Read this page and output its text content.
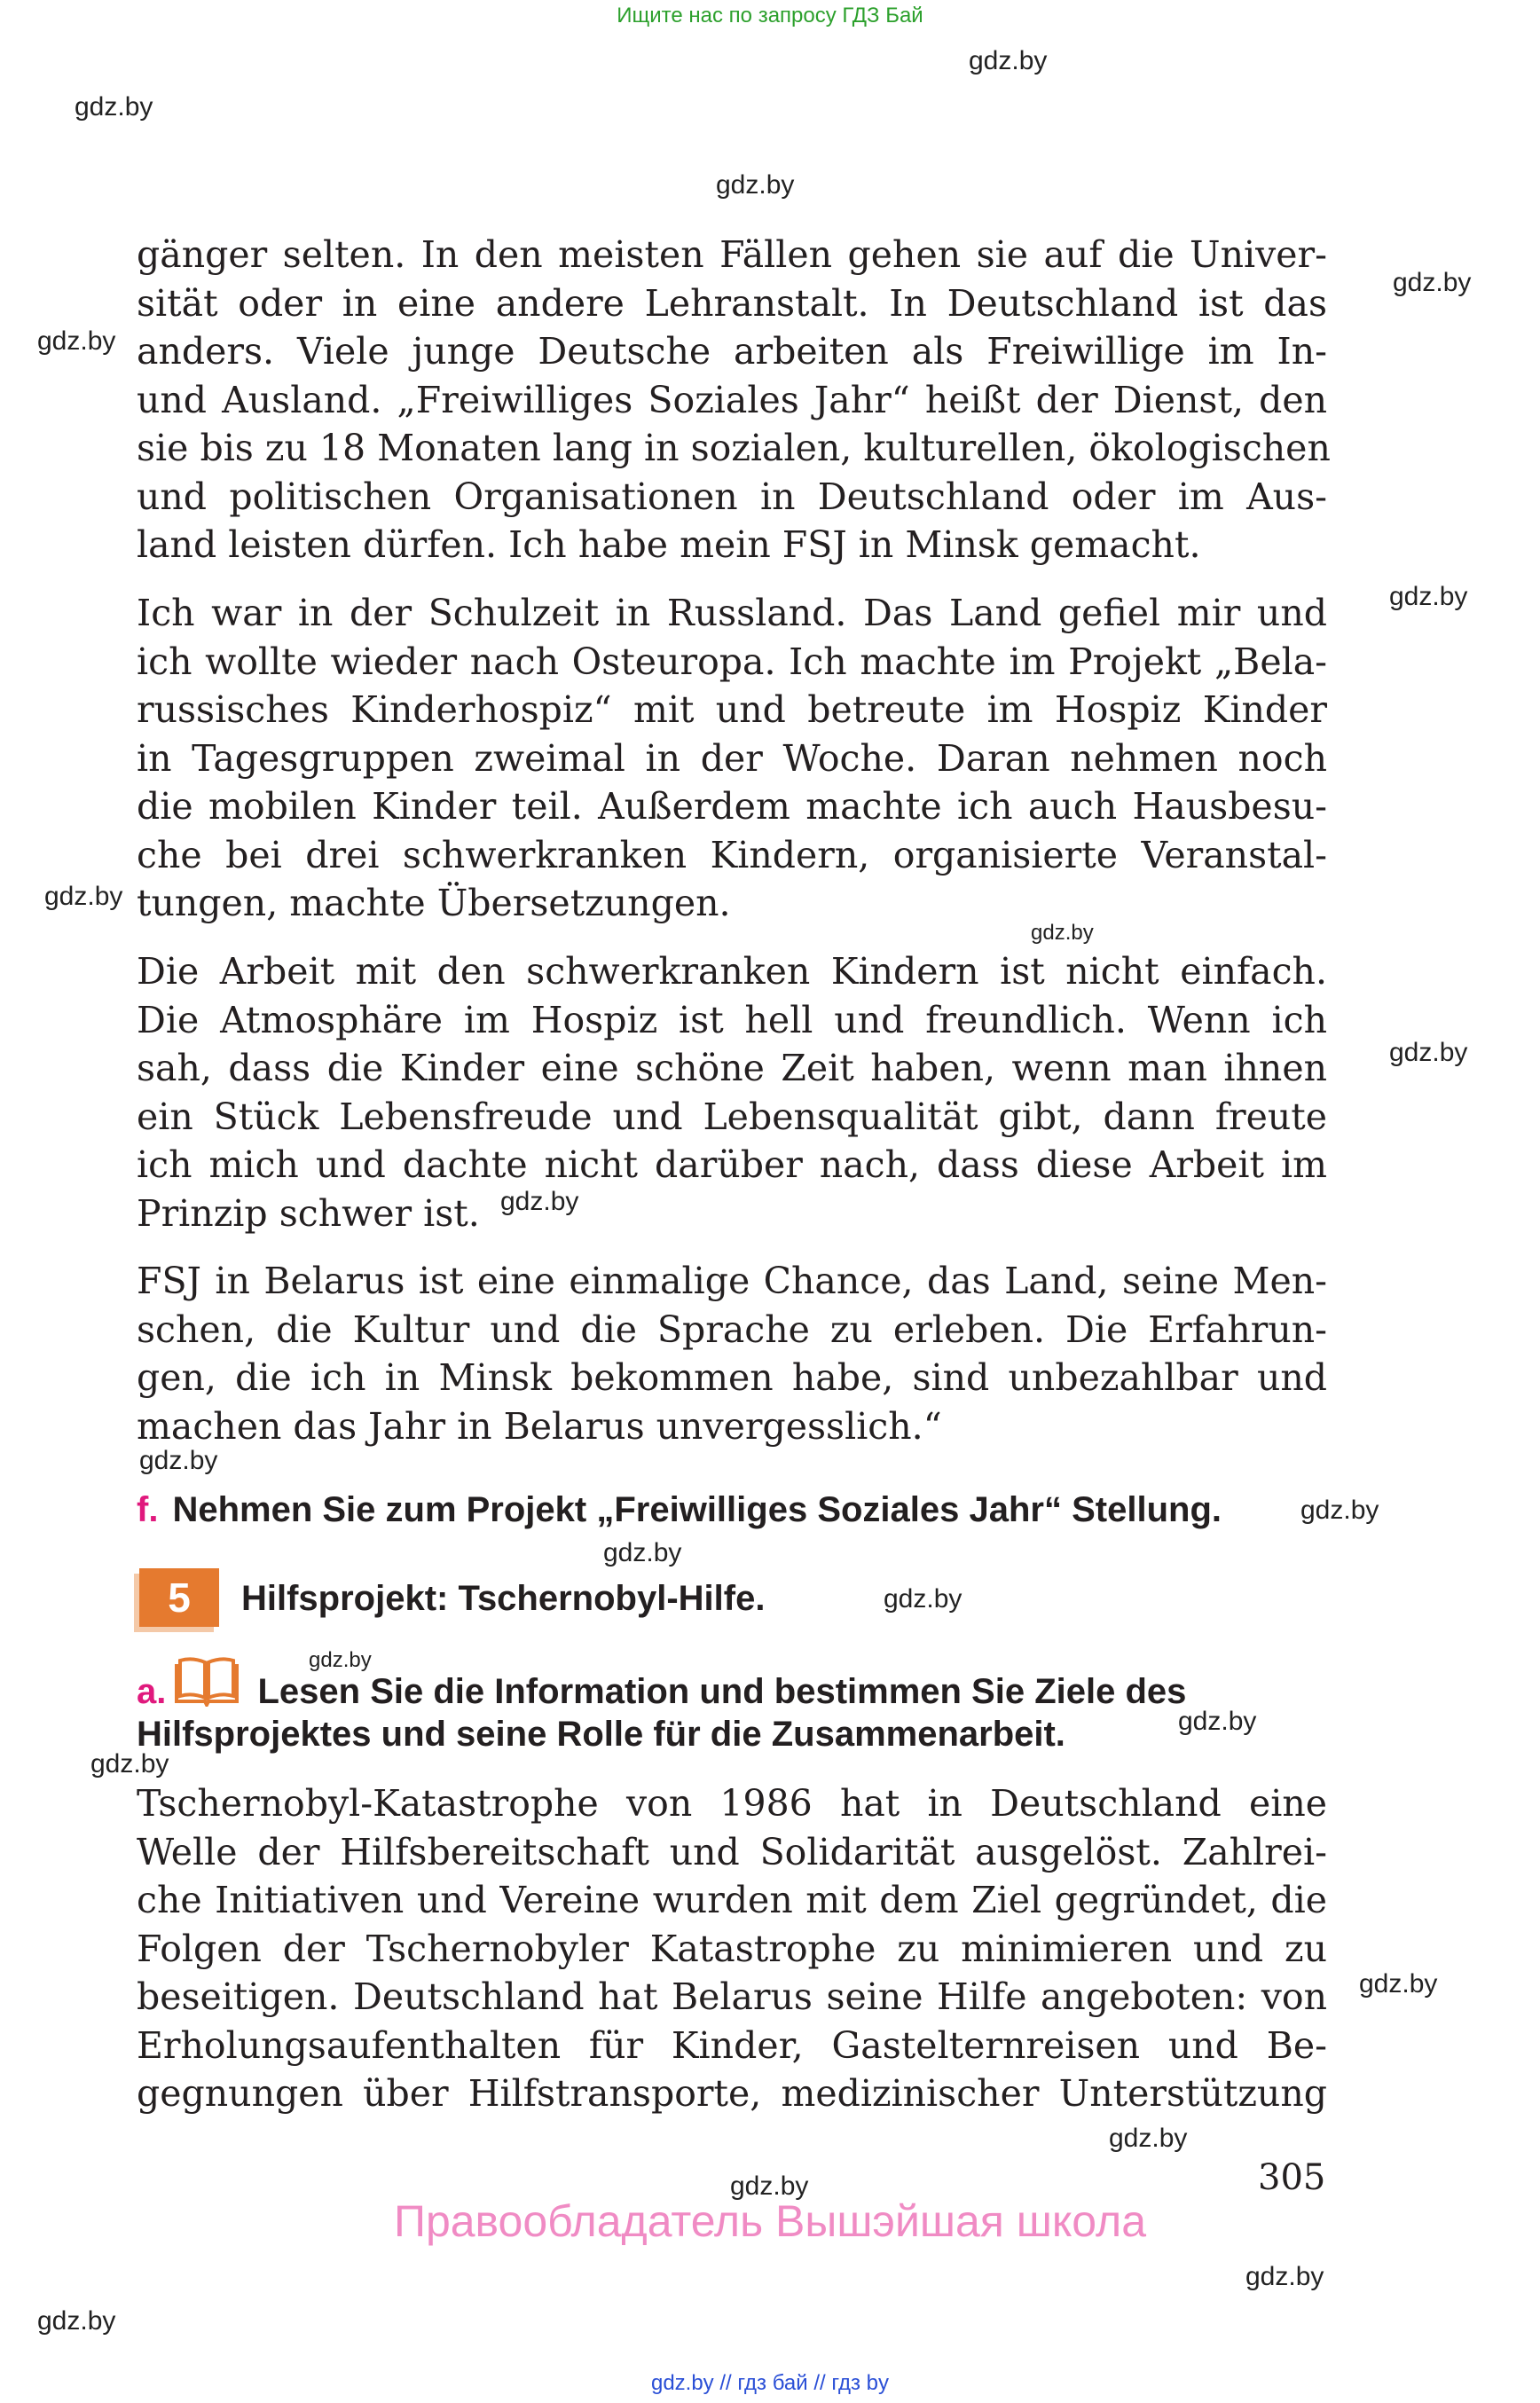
Ищите нас по запросу ГДЗ Бай
gdz.by
gdz.by
gdz.by
gdz.by
gdz.by
gdz.by
gdz.by
gdz.by
gdz.by
gdz.by
gdz.by
gdz.by
gdz.by
gdz.by
gdz.by
gdz.by
gdz.by
gdz.by
gdz.by
gdz.by
gdz.by
gdz.by
gänger selten. In den meisten Fällen gehen sie auf die Univer-
sität oder in eine andere Lehranstalt. In Deutschland ist das
anders. Viele junge Deutsche arbeiten als Freiwillige im In-
und Ausland. „Freiwilliges Soziales Jahr“ heißt der Dienst, den
sie bis zu 18 Monaten lang in sozialen, kulturellen, ökologischen
und politischen Organisationen in Deutschland oder im Aus-
land leisten dürfen. Ich habe mein FSJ in Minsk gemacht.
Ich war in der Schulzeit in Russland. Das Land gefiel mir und
ich wollte wieder nach Osteuropa. Ich machte im Projekt „Bela-
russisches Kinderhospiz“ mit und betreute im Hospiz Kinder
in Tagesgruppen zweimal in der Woche. Daran nehmen noch
die mobilen Kinder teil. Außerdem machte ich auch Hausbesu-
che bei drei schwerkranken Kindern, organisierte Veranstal-
tungen, machte Übersetzungen.
Die Arbeit mit den schwerkranken Kindern ist nicht einfach.
Die Atmosphäre im Hospiz ist hell und freundlich. Wenn ich
sah, dass die Kinder eine schöne Zeit haben, wenn man ihnen
ein Stück Lebensfreude und Lebensqualität gibt, dann freute
ich mich und dachte nicht darüber nach, dass diese Arbeit im
Prinzip schwer ist.
FSJ in Belarus ist eine einmalige Chance, das Land, seine Men-
schen, die Kultur und die Sprache zu erleben. Die Erfahrun-
gen, die ich in Minsk bekommen habe, sind unbezahlbar und
machen das Jahr in Belarus unvergesslich.“
f. Nehmen Sie zum Projekt „Freiwilliges Soziales Jahr“ Stellung.
5	Hilfsprojekt: Tschernobyl-Hilfe.
a.	Lesen Sie die Information und bestimmen Sie Ziele des
Hilfsprojektes und seine Rolle für die Zusammenarbeit.
Tschernobyl-Katastrophe von 1986 hat in Deutschland eine
Welle der Hilfsbereitschaft und Solidarität ausgelöst. Zahlrei-
che Initiativen und Vereine wurden mit dem Ziel gegründet, die
Folgen der Tschernobyler Katastrophe zu minimieren und zu
beseitigen. Deutschland hat Belarus seine Hilfe angeboten: von
Erholungsaufenthalten für Kinder, Gastelternreisen und Be-
gegnungen über Hilfstransporte, medizinischer Unterstützung
305
Правообладатель Вышэйшая школа
gdz.by // гдз бай // гдз by
